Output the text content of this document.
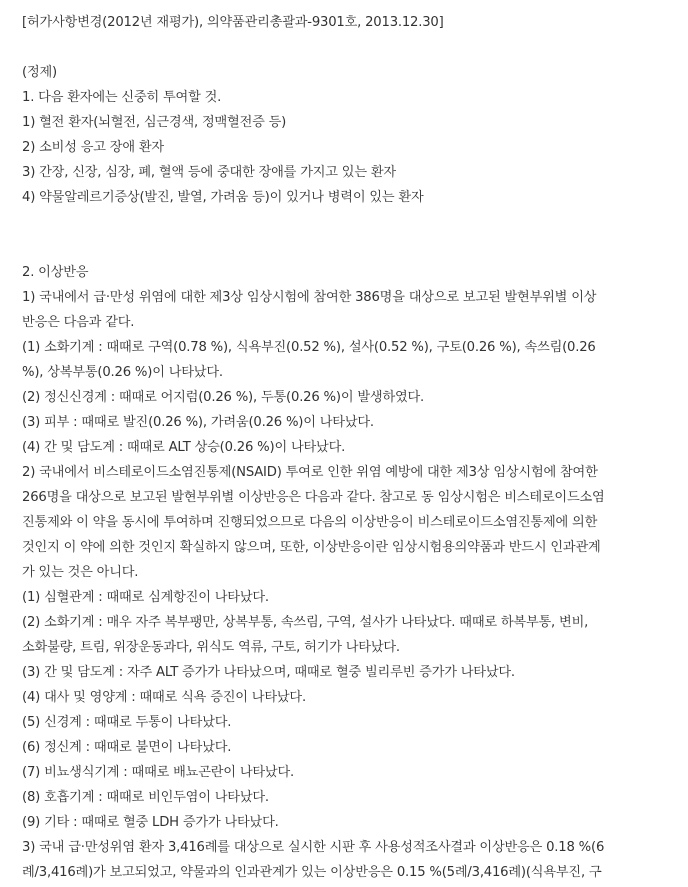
[허가사항변경(2012년 재평가), 의약품관리총괄과-9301호, 2013.12.30]
(정제)
1. 다음 환자에는 신중히 투여할 것.
1) 혈전 환자(뇌혈전, 심근경색, 정맥혈전증 등)
2) 소비성 응고 장애 환자
3) 간장, 신장, 심장, 폐, 혈액 등에 중대한 장애를 가지고 있는 환자
4) 약물알레르기증상(발진, 발열, 가려움 등)이 있거나 병력이 있는 환자
2. 이상반응
1) 국내에서 급·만성 위염에 대한 제3상 임상시험에 참여한 386명을 대상으로 보고된 발현부위별 이상
반응은 다음과 같다.
(1) 소화기계 : 때때로 구역(0.78 %), 식욕부진(0.52 %), 설사(0.52 %), 구토(0.26 %), 속쓰림(0.26
%), 상복부통(0.26 %)이 나타났다.
(2) 정신신경계 : 때때로 어지럼(0.26 %), 두통(0.26 %)이 발생하였다.
(3) 피부 : 때때로 발진(0.26 %), 가려움(0.26 %)이 나타났다.
(4) 간 및 담도계 : 때때로 ALT 상승(0.26 %)이 나타났다.
2) 국내에서 비스테로이드소염진통제(NSAID) 투여로 인한 위염 예방에 대한 제3상 임상시험에 참여한
266명을 대상으로 보고된 발현부위별 이상반응은 다음과 같다. 참고로 동 임상시험은 비스테로이드소염
진통제와 이 약을 동시에 투여하며 진행되었으므로 다음의 이상반응이 비스테로이드소염진통제에 의한
것인지 이 약에 의한 것인지 확실하지 않으며, 또한, 이상반응이란 임상시험용의약품과 반드시 인과관계
가 있는 것은 아니다.
(1) 심혈관계 : 때때로 심계항진이 나타났다.
(2) 소화기계 : 매우 자주 복부팽만, 상복부통, 속쓰림, 구역, 설사가 나타났다. 때때로 하복부통, 변비,
소화불량, 트림, 위장운동과다, 위식도 역류, 구토, 허기가 나타났다.
(3) 간 및 담도계 : 자주 ALT 증가가 나타났으며, 때때로 혈중 빌리루빈 증가가 나타났다.
(4) 대사 및 영양계 : 때때로 식욕 증진이 나타났다.
(5) 신경계 : 때때로 두통이 나타났다.
(6) 정신계 : 때때로 불면이 나타났다.
(7) 비뇨생식기계 : 때때로 배뇨곤란이 나타났다.
(8) 호흡기계 : 때때로 비인두염이 나타났다.
(9) 기타 : 때때로 혈중 LDH 증가가 나타났다.
3) 국내 급·만성위염 환자 3,416례를 대상으로 실시한 시판 후 사용성적조사결과 이상반응은 0.18 %(6
례/3,416례)가 보고되었고, 약물과의 인과관계가 있는 이상반응은 0.15 %(5례/3,416례)(식욕부진, 구
